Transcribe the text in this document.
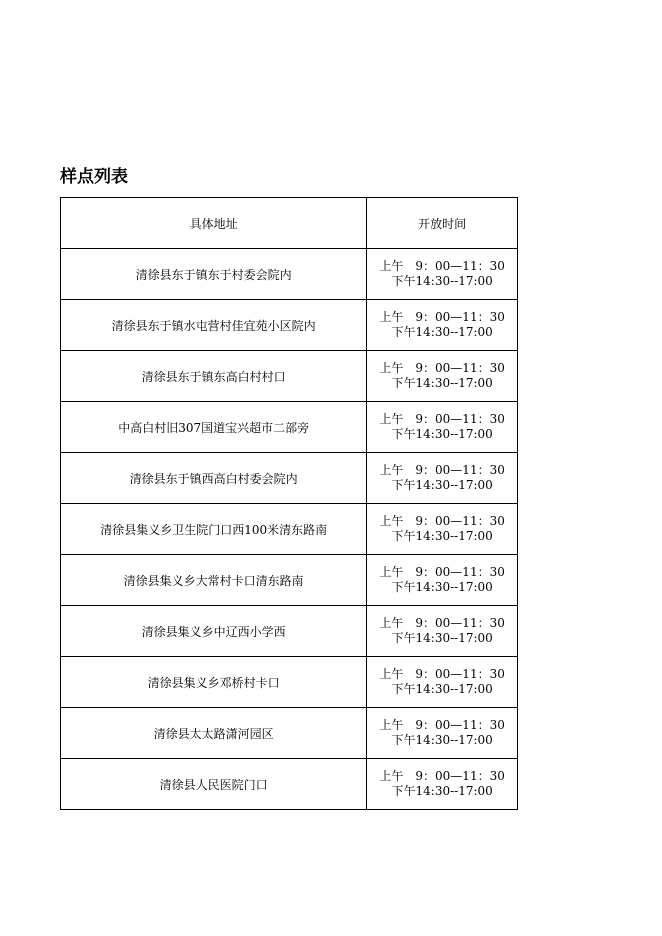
样点列表
具体地址	开放时间
清徐县东于镇东于村委会院内	上午　9：00—11：30
下午14:30--17:00

清徐县东于镇水屯营村佳宜苑小区院内	上午　9：00—11：30
下午14:30--17:00

清徐县东于镇东高白村村口	上午　9：00—11：30
下午14:30--17:00

中高白村旧307国道宝兴超市二部旁	上午　9：00—11：30
下午14:30--17:00

清徐县东于镇西高白村委会院内	上午　9：00—11：30
下午14:30--17:00

清徐县集义乡卫生院门口西100米清东路南	上午　9：00—11：30
下午14:30--17:00

清徐县集义乡大常村卡口清东路南	上午　9：00—11：30
下午14:30--17:00

清徐县集义乡中辽西小学西	上午　9：00—11：30
下午14:30--17:00

清徐县集义乡邓桥村卡口	上午　9：00—11：30
下午14:30--17:00

清徐县太太路潇河园区	上午　9：00—11：30
下午14:30--17:00

清徐县人民医院门口	上午　9：00—11：30
下午14:30--17:00
